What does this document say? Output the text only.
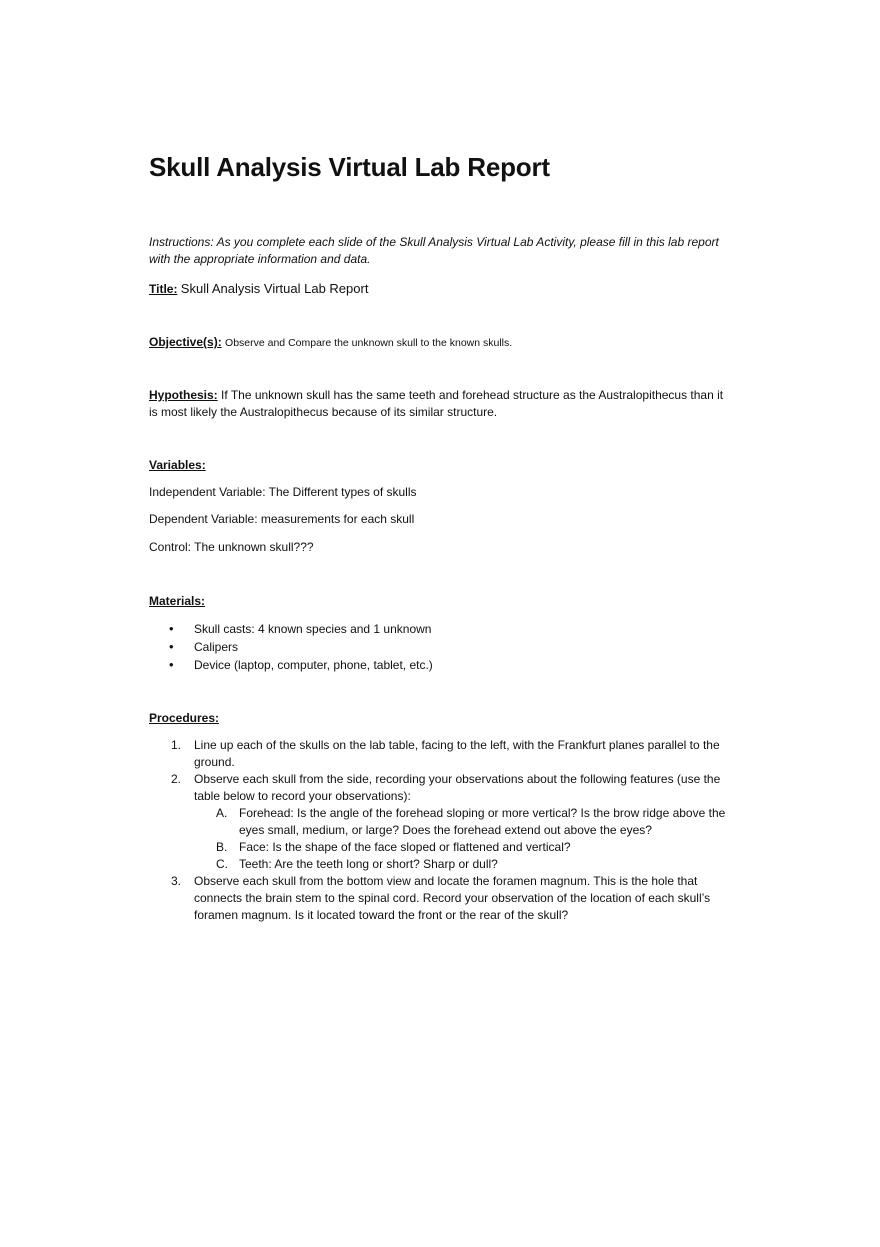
Skull Analysis Virtual Lab Report
Instructions: As you complete each slide of the Skull Analysis Virtual Lab Activity, please fill in this lab report with the appropriate information and data.
Title: Skull Analysis Virtual Lab Report
Objective(s): Observe and Compare the unknown skull to the known skulls.
Hypothesis: If The unknown skull has the same teeth and forehead structure as the Australopithecus than it is most likely the Australopithecus because of its similar structure.
Variables:
Independent Variable: The Different types of skulls
Dependent Variable: measurements for each skull
Control: The unknown skull???
Materials:
• Skull casts: 4 known species and 1 unknown
• Calipers
• Device (laptop, computer, phone, tablet, etc.)
Procedures:
1. Line up each of the skulls on the lab table, facing to the left, with the Frankfurt planes parallel to the ground.
2. Observe each skull from the side, recording your observations about the following features (use the table below to record your observations):
A. Forehead: Is the angle of the forehead sloping or more vertical? Is the brow ridge above the eyes small, medium, or large? Does the forehead extend out above the eyes?
B. Face: Is the shape of the face sloped or flattened and vertical?
C. Teeth: Are the teeth long or short? Sharp or dull?
3. Observe each skull from the bottom view and locate the foramen magnum. This is the hole that connects the brain stem to the spinal cord. Record your observation of the location of each skull’s foramen magnum. Is it located toward the front or the rear of the skull?
